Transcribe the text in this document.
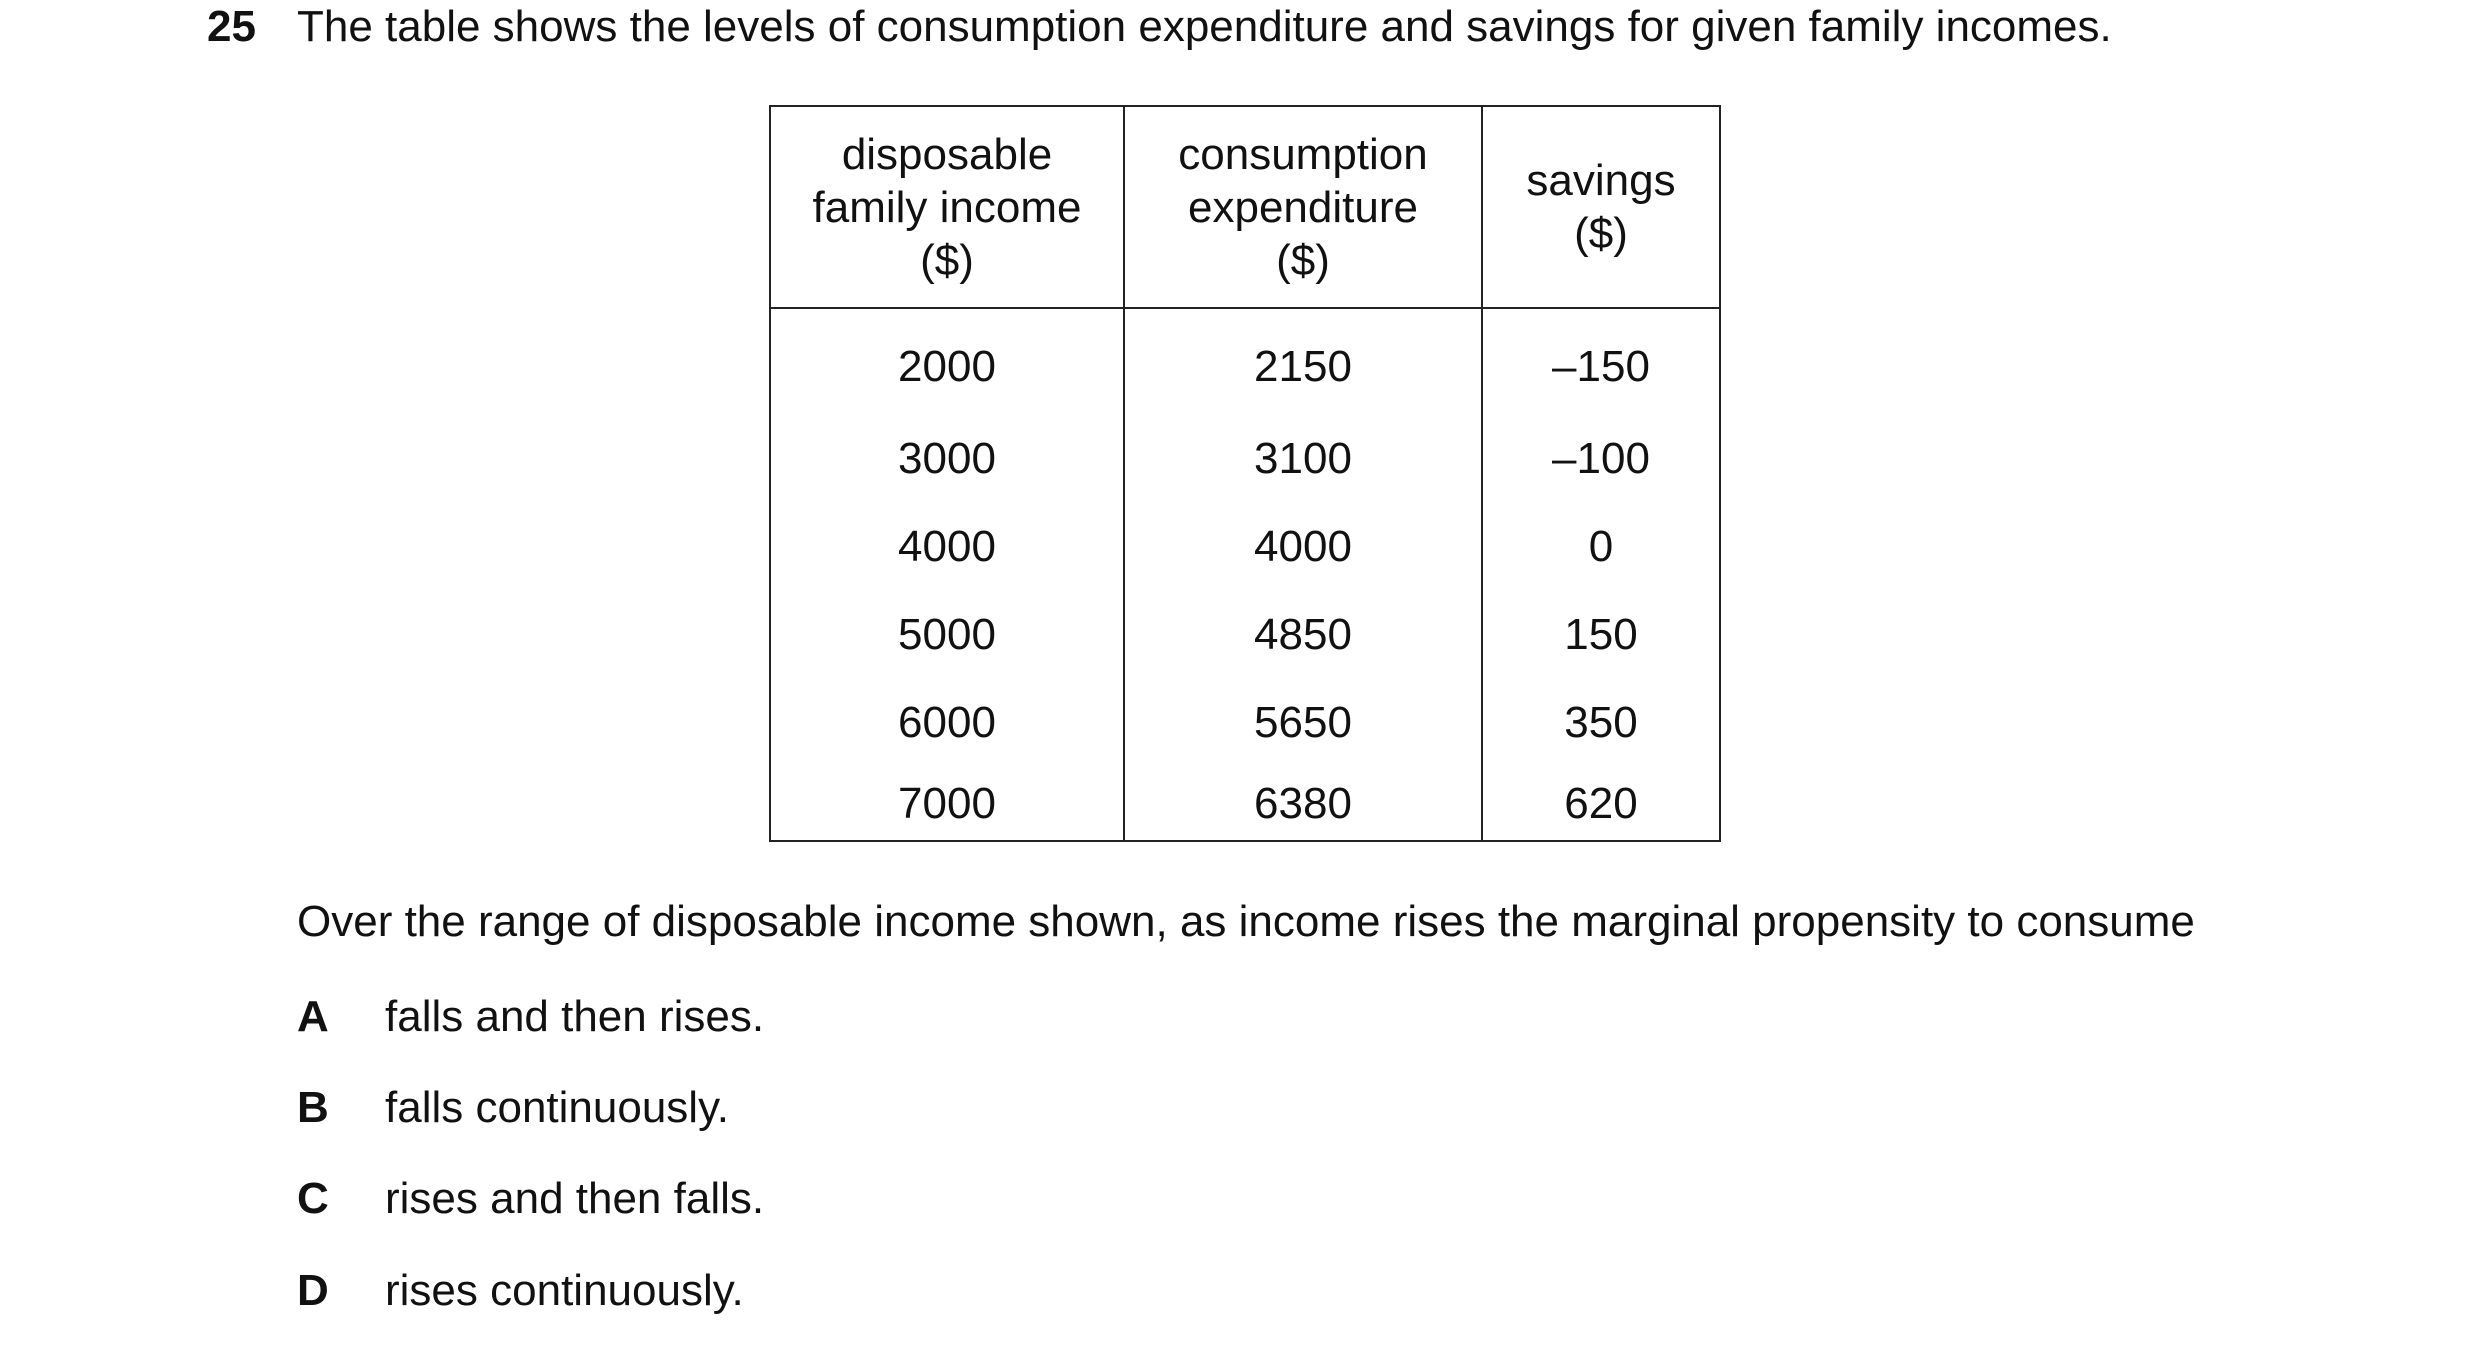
25 The table shows the levels of consumption expenditure and savings for given family incomes.
disposable
family income
($)	consumption
expenditure
($)	savings
($)

2000	2150	–150
3000	3100	–100
4000	4000	0
5000	4850	150
6000	5650	350
7000	6380	620
Over the range of disposable income shown, as income rises the marginal propensity to consume
A falls and then rises.
B falls continuously.
C rises and then falls.
D rises continuously.
